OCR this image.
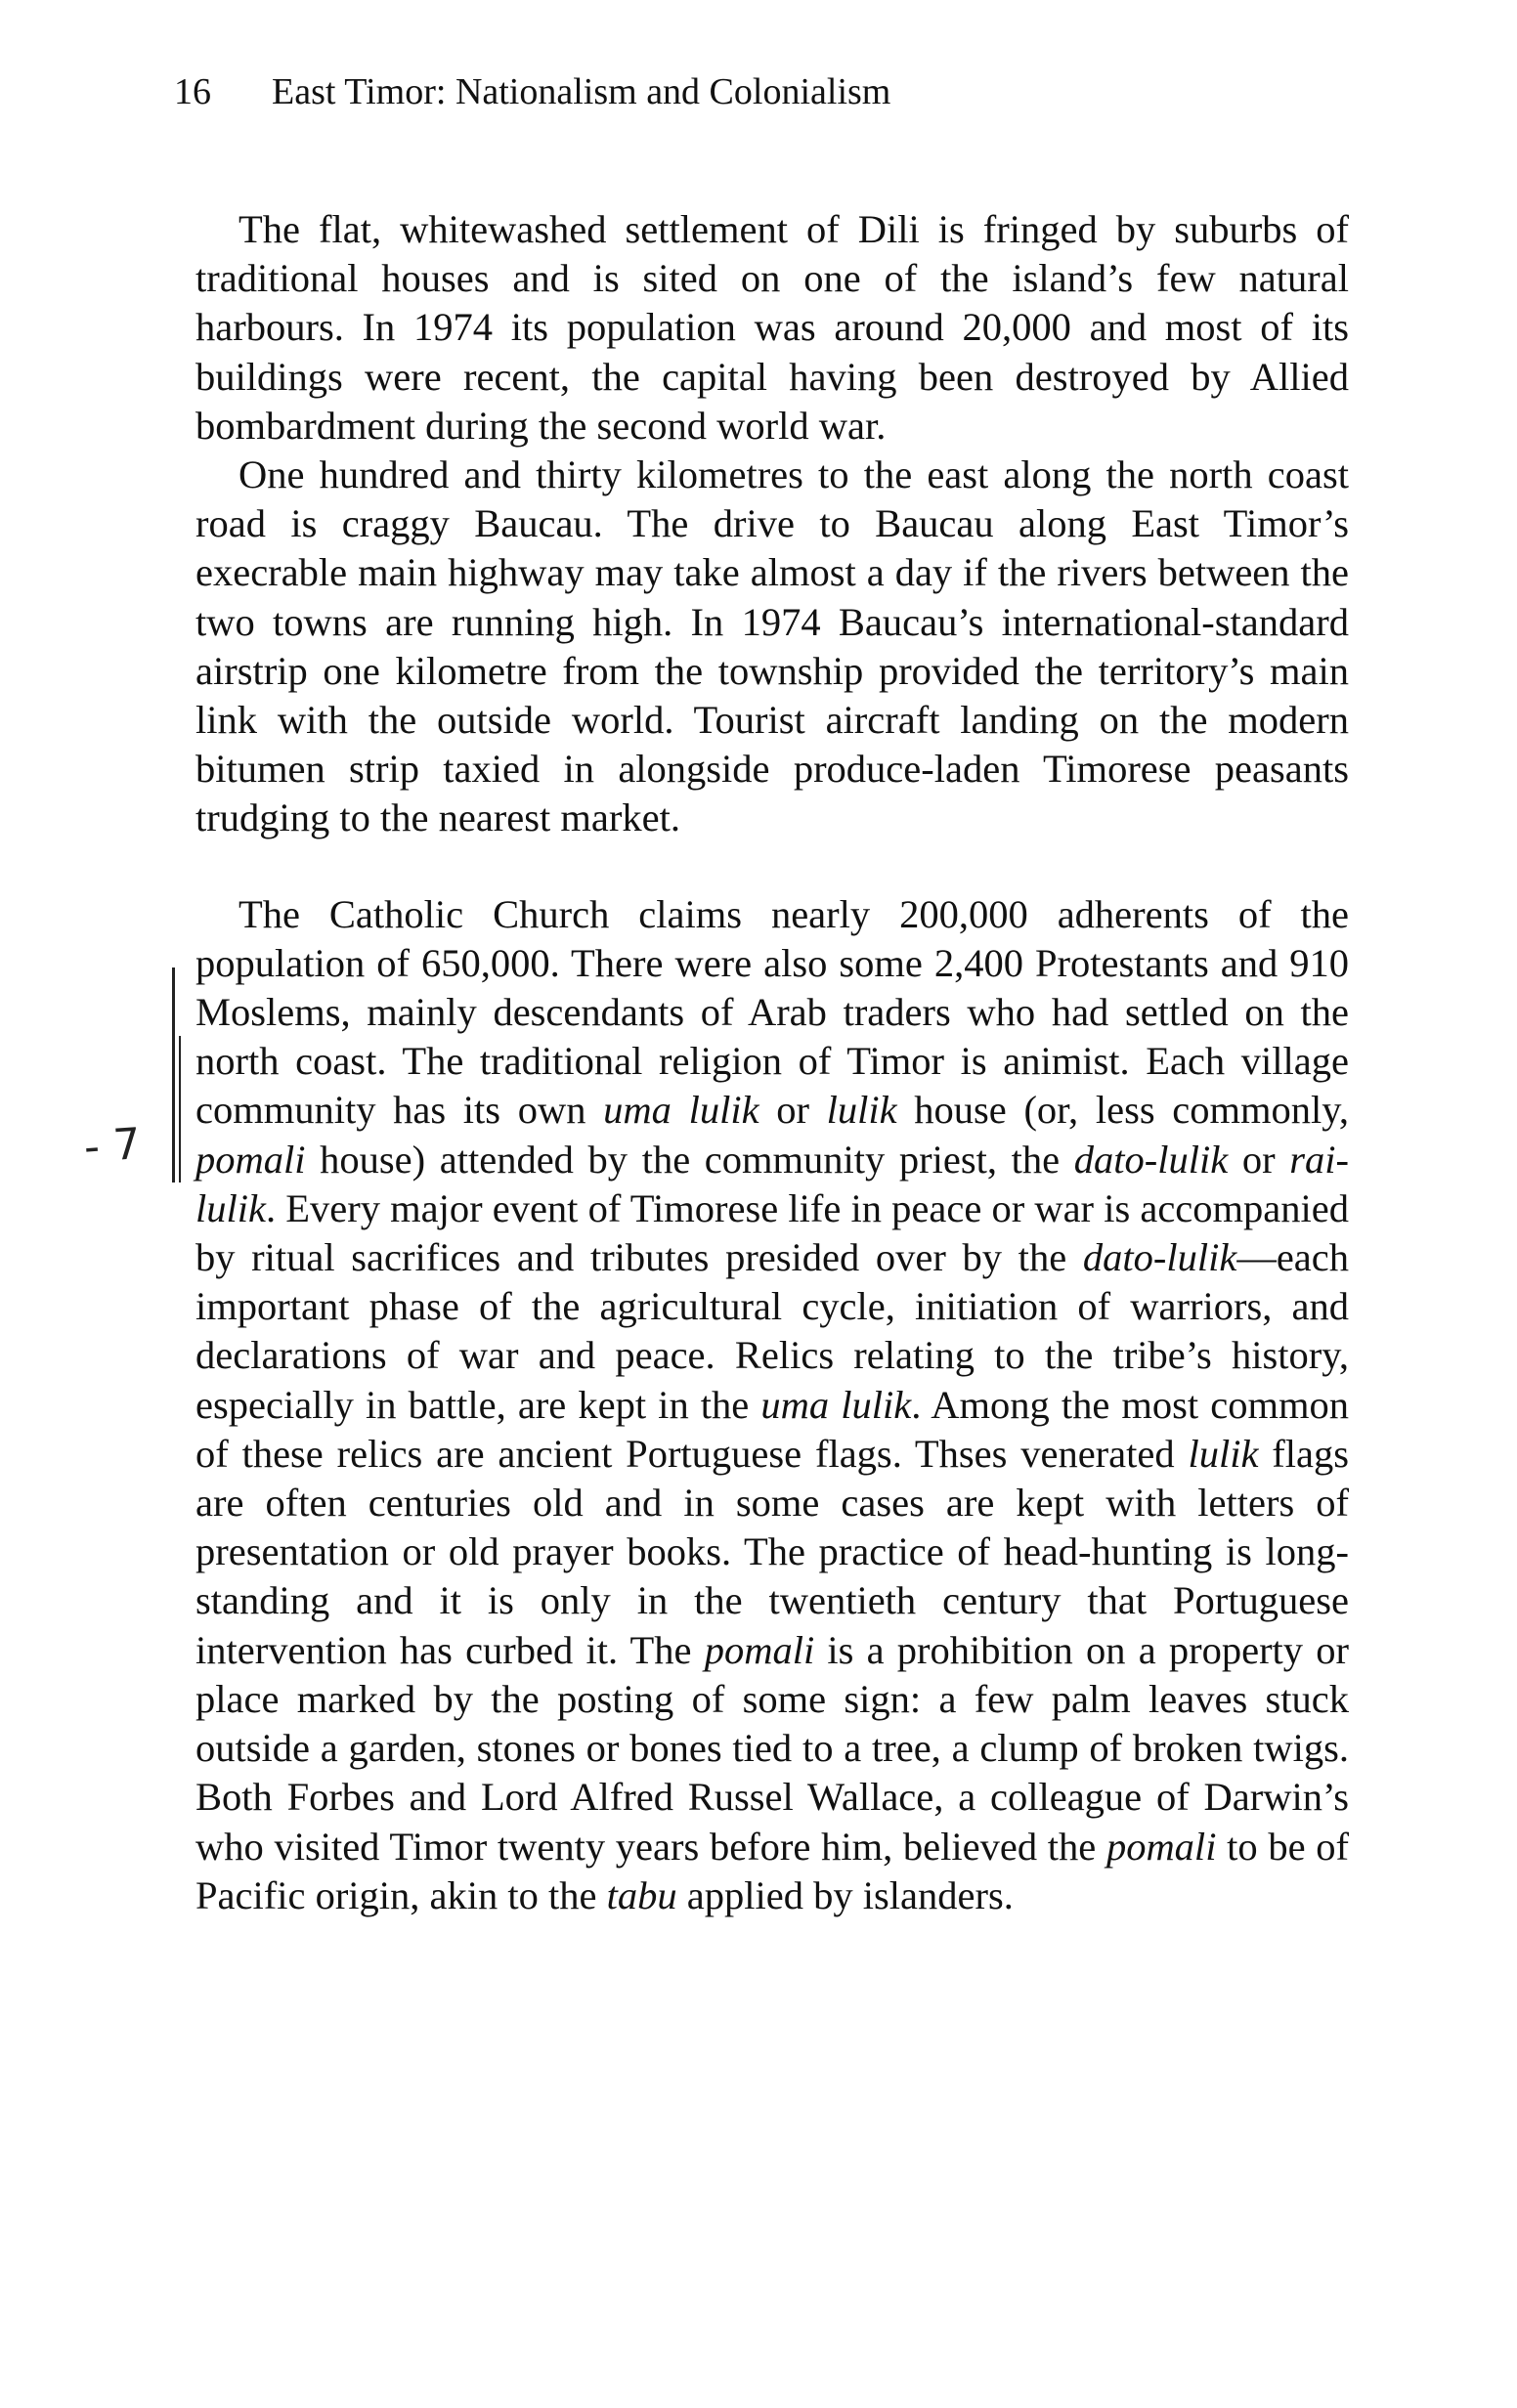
16 East Timor: Nationalism and Colonialism
- 7

The flat, whitewashed settlement of Dili is fringed by suburbs of traditional houses and is sited on one of the island’s few natural harbours. In 1974 its population was around 20,000 and most of its buildings were recent, the capital having been destroyed by Allied bombardment during the second world war.

One hundred and thirty kilometres to the east along the north coast road is craggy Baucau. The drive to Baucau along East Timor’s execrable main highway may take almost a day if the rivers between the two towns are running high. In 1974 Baucau’s international-standard airstrip one kilometre from the township provided the territory’s main link with the outside world. Tourist aircraft landing on the modern bitumen strip taxied in alongside produce-laden Timorese peasants trudging to the nearest market.

The Catholic Church claims nearly 200,000 adherents of the population of 650,000. There were also some 2,400 Protestants and 910 Moslems, mainly descendants of Arab traders who had settled on the north coast. The traditional religion of Timor is animist. Each village community has its own uma lulik or lulik house (or, less commonly, pomali house) attended by the community priest, the dato-lulik or rai-lulik. Every major event of Timorese life in peace or war is accompanied by ritual sacrifices and tributes presided over by the dato-lulik—each important phase of the agricultural cycle, initiation of warriors, and declarations of war and peace. Relics relating to the tribe’s history, especially in battle, are kept in the uma lulik. Among the most common of these relics are ancient Portuguese flags. Thses venerated lulik flags are often centuries old and in some cases are kept with letters of presentation or old prayer books. The practice of head-hunting is long-standing and it is only in the twentieth century that Portuguese intervention has curbed it. The pomali is a prohibition on a property or place marked by the posting of some sign: a few palm leaves stuck outside a garden, stones or bones tied to a tree, a clump of broken twigs. Both Forbes and Lord Alfred Russel Wallace, a colleague of Darwin’s who visited Timor twenty years before him, believed the pomali to be of Pacific origin, akin to the tabu applied by islanders.
